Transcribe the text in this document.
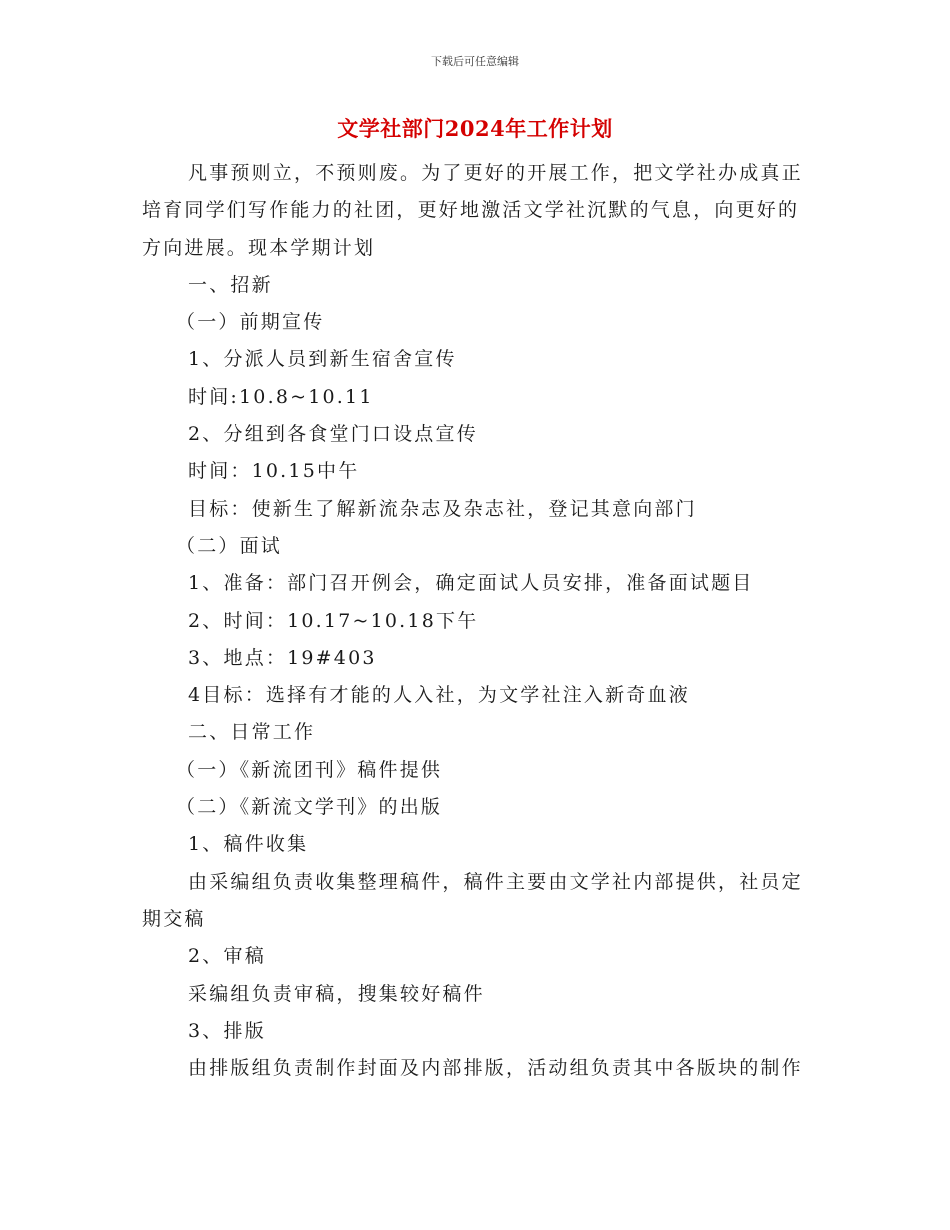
下载后可任意编辑
文学社部门2024年工作计划

凡事预则立，不预则废。为了更好的开展工作，把文学社办成真正培育同学们写作能力的社团，更好地激活文学社沉默的气息，向更好的方向进展。现本学期计划

一、招新

（一）前期宣传

1、分派人员到新生宿舍宣传

时间:10.8~10.11

2、分组到各食堂门口设点宣传

时间：10.15中午

目标：使新生了解新流杂志及杂志社，登记其意向部门

（二）面试

1、准备：部门召开例会，确定面试人员安排，准备面试题目

2、时间：10.17~10.18下午

3、地点：19#403

4目标：选择有才能的人入社，为文学社注入新奇血液

二、日常工作

（一）《新流团刊》稿件提供

（二）《新流文学刊》的出版

1、稿件收集

由采编组负责收集整理稿件，稿件主要由文学社内部提供，社员定期交稿

2、审稿

采编组负责审稿，搜集较好稿件

3、排版

由排版组负责制作封面及内部排版，活动组负责其中各版块的制作
